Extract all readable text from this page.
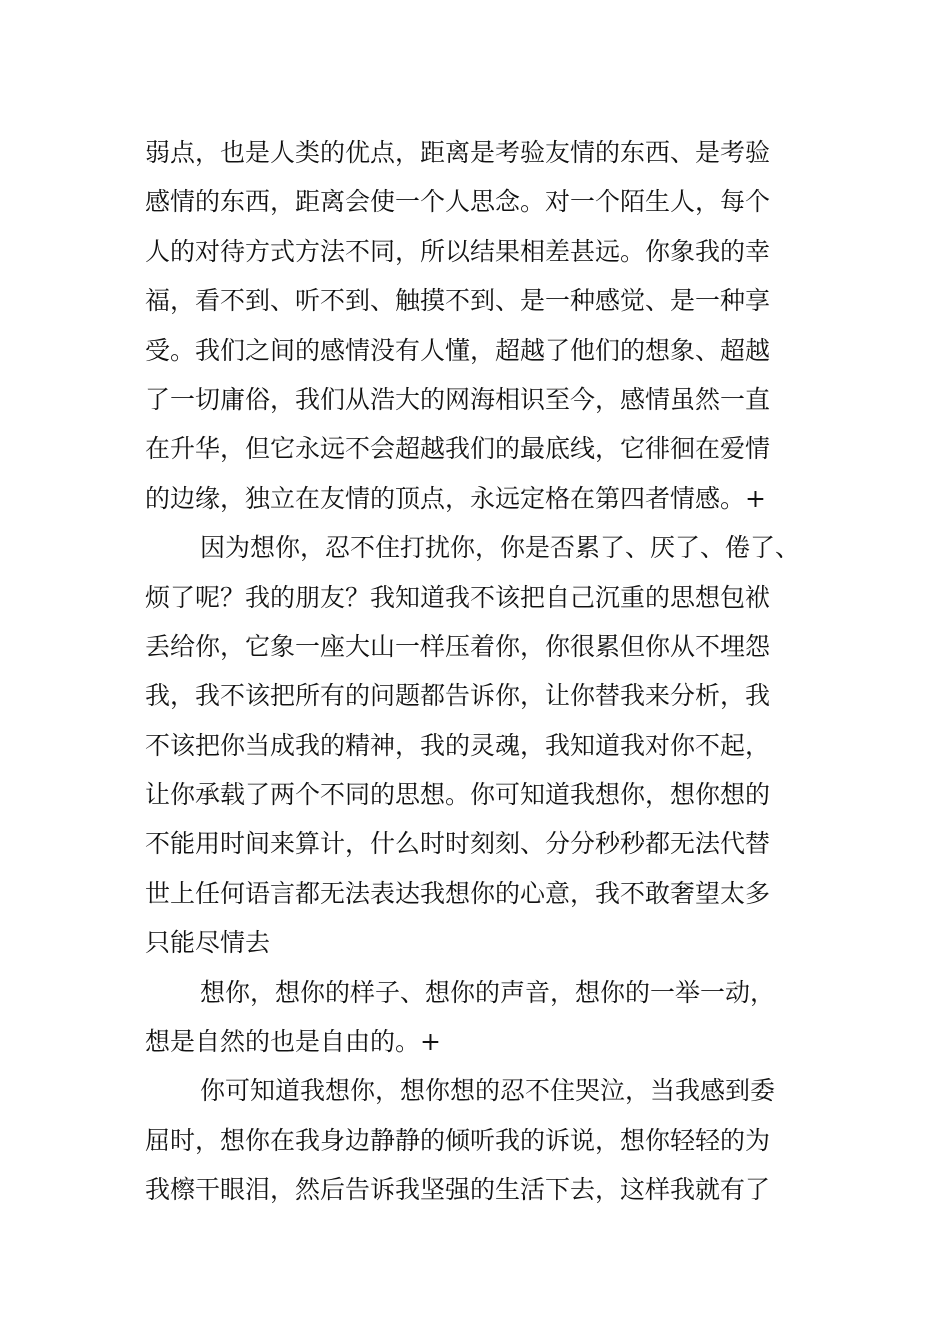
弱点，也是人类的优点，距离是考验友情的东西、是考验
感情的东西，距离会使一个人思念。对一个陌生人，每个
人的对待方式方法不同，所以结果相差甚远。你象我的幸
福，看不到、听不到、触摸不到、是一种感觉、是一种享
受。我们之间的感情没有人懂，超越了他们的想象、超越
了一切庸俗，我们从浩大的网海相识至今，感情虽然一直
在升华，但它永远不会超越我们的最底线，它徘徊在爱情
的边缘，独立在友情的顶点，永远定格在第四者情感。+
因为想你，忍不住打扰你，你是否累了、厌了、倦了、
烦了呢？我的朋友？我知道我不该把自己沉重的思想包袱
丢给你，它象一座大山一样压着你，你很累但你从不埋怨
我，我不该把所有的问题都告诉你，让你替我来分析，我
不该把你当成我的精神，我的灵魂，我知道我对你不起，
让你承载了两个不同的思想。你可知道我想你，想你想的
不能用时间来算计，什么时时刻刻、分分秒秒都无法代替
世上任何语言都无法表达我想你的心意，我不敢奢望太多
只能尽情去
想你，想你的样子、想你的声音，想你的一举一动，
想是自然的也是自由的。+
你可知道我想你，想你想的忍不住哭泣，当我感到委
屈时，想你在我身边静静的倾听我的诉说，想你轻轻的为
我檫干眼泪，然后告诉我坚强的生活下去，这样我就有了
